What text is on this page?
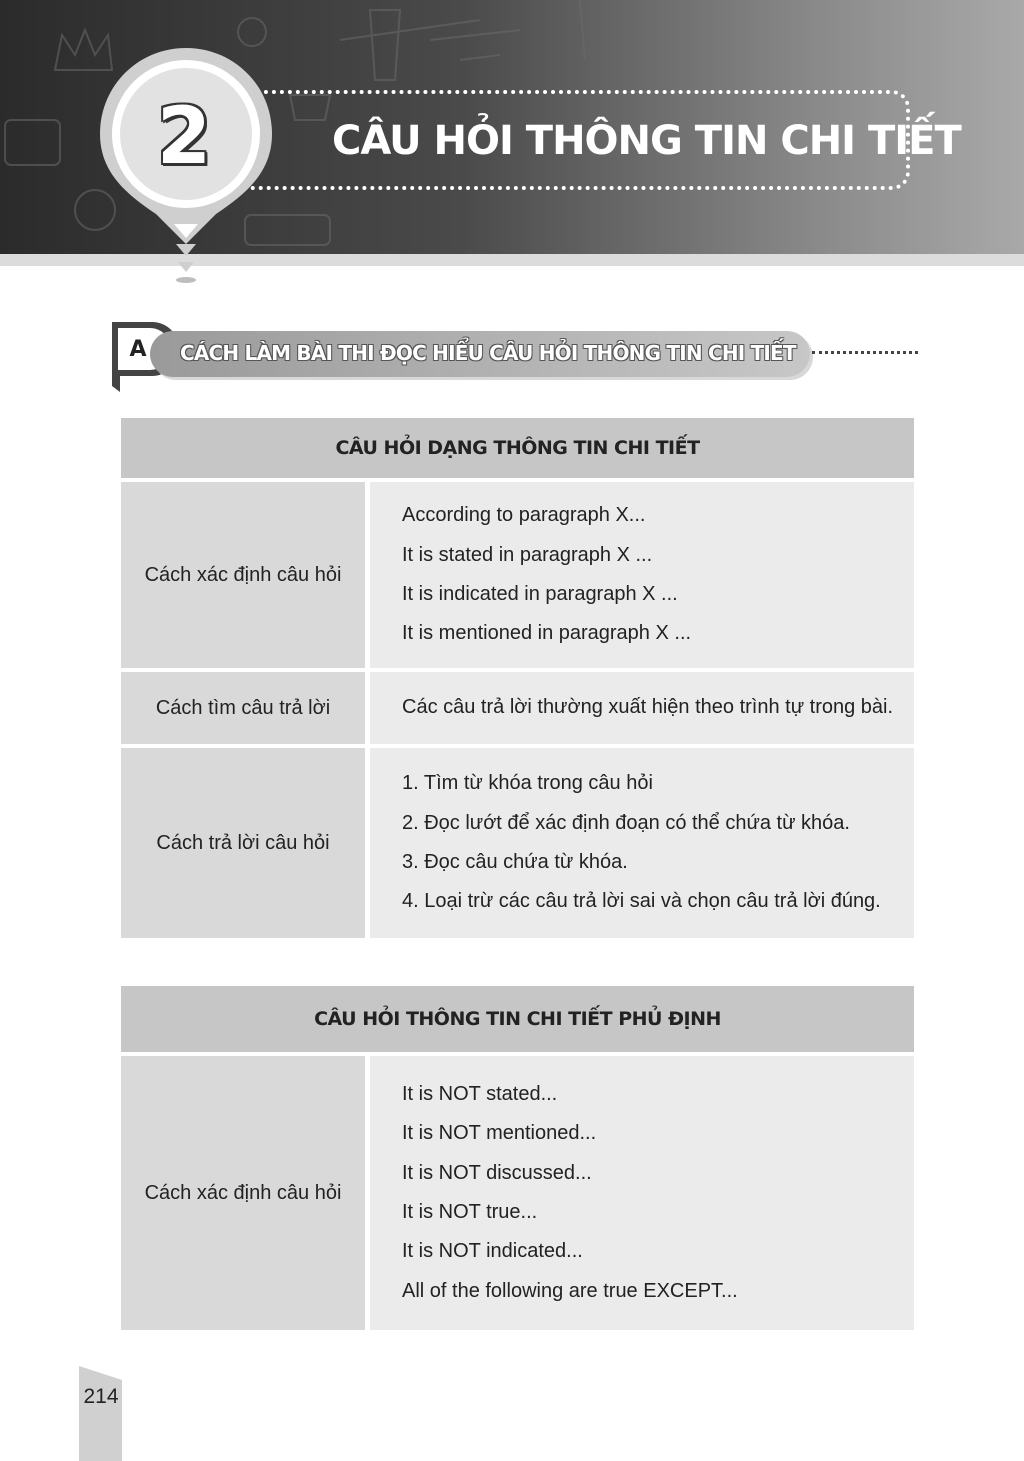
CÂU HỎI THÔNG TIN CHI TIẾT
2
A	CÁCH LÀM BÀI THI ĐỌC HIỂU CÂU HỎI THÔNG TIN CHI TIẾT
CÂU HỎI DẠNG THÔNG TIN CHI TIẾT
Cách xác định câu hỏi
According to paragraph X...
It is stated in paragraph X ...
It is indicated in paragraph X ...
It is mentioned in paragraph X ...
Cách tìm câu trả lời	Các câu trả lời thường xuất hiện theo trình tự trong bài.
Cách trả lời câu hỏi
1. Tìm từ khóa trong câu hỏi
2. Đọc lướt để xác định đoạn có thể chứa từ khóa.
3. Đọc câu chứa từ khóa.
4. Loại trừ các câu trả lời sai và chọn câu trả lời đúng.
CÂU HỎI THÔNG TIN CHI TIẾT PHỦ ĐỊNH
Cách xác định câu hỏi
It is NOT stated...
It is NOT mentioned...
It is NOT discussed...
It is NOT true...
It is NOT indicated...
All of the following are true EXCEPT...
214
